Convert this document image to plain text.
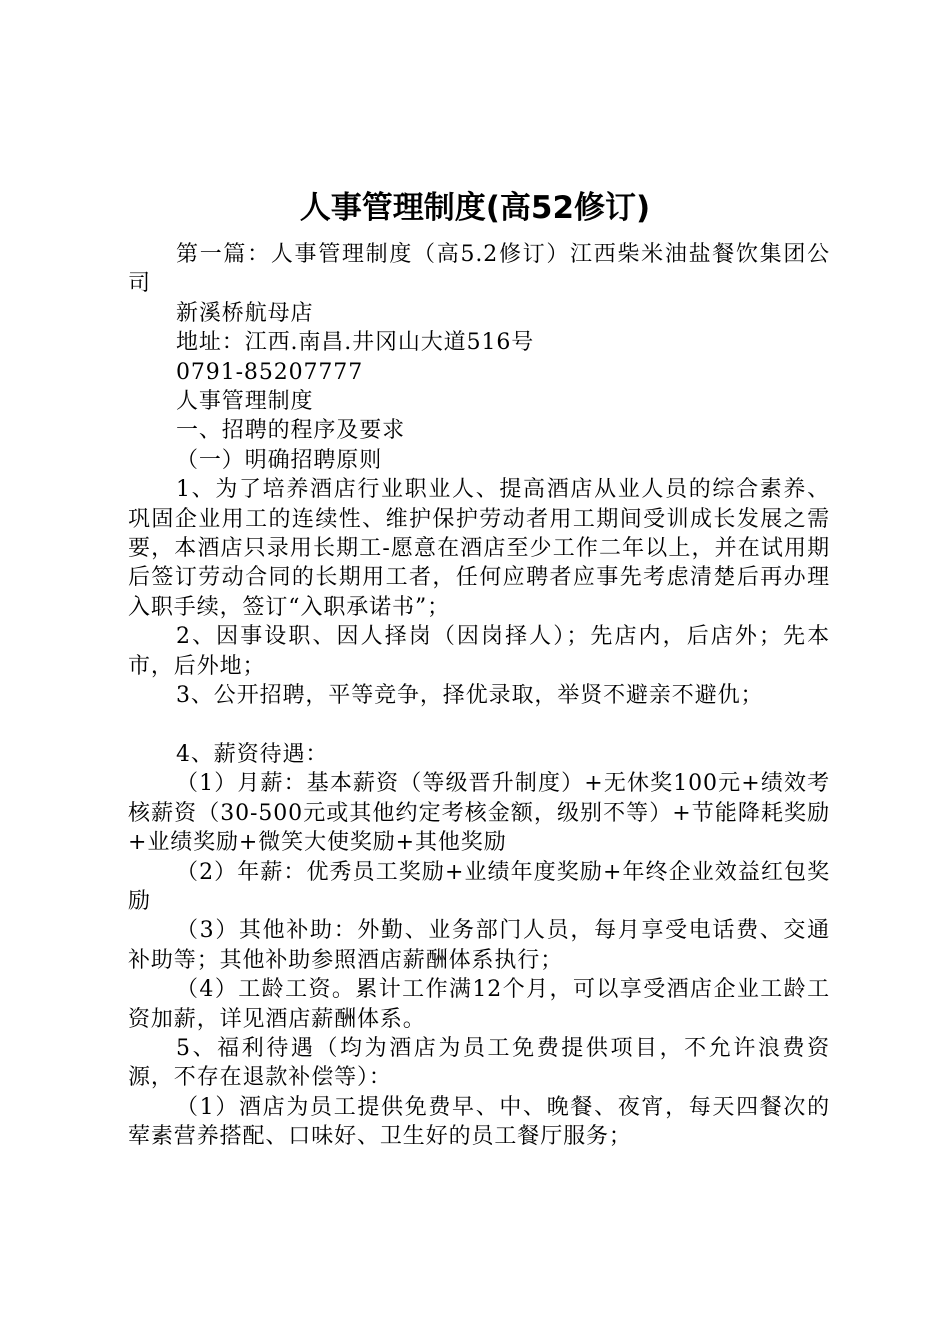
人事管理制度(高52修订)

第一篇：人事管理制度（高5.2修订）江西柴米油盐餐饮集团公司

新溪桥航母店

地址：江西.南昌.井冈山大道516号

0791-85207777

人事管理制度

一、招聘的程序及要求

（一）明确招聘原则

1、为了培养酒店行业职业人、提高酒店从业人员的综合素养、巩固企业用工的连续性、维护保护劳动者用工期间受训成长发展之需要，本酒店只录用长期工-愿意在酒店至少工作二年以上，并在试用期后签订劳动合同的长期用工者，任何应聘者应事先考虑清楚后再办理入职手续，签订“入职承诺书”；

2、因事设职、因人择岗（因岗择人）；先店内，后店外；先本市，后外地；

3、公开招聘，平等竞争，择优录取，举贤不避亲不避仇；

4、薪资待遇：

（1）月薪：基本薪资（等级晋升制度）+无休奖100元+绩效考核薪资（30-500元或其他约定考核金额，级别不等）+节能降耗奖励+业绩奖励+微笑大使奖励+其他奖励

（2）年薪：优秀员工奖励+业绩年度奖励+年终企业效益红包奖励

（3）其他补助：外勤、业务部门人员，每月享受电话费、交通补助等；其他补助参照酒店薪酬体系执行；

（4）工龄工资。累计工作满12个月，可以享受酒店企业工龄工资加薪，详见酒店薪酬体系。

5、福利待遇（均为酒店为员工免费提供项目，不允许浪费资源，不存在退款补偿等）：

（1）酒店为员工提供免费早、中、晚餐、夜宵，每天四餐次的荤素营养搭配、口味好、卫生好的员工餐厅服务；
